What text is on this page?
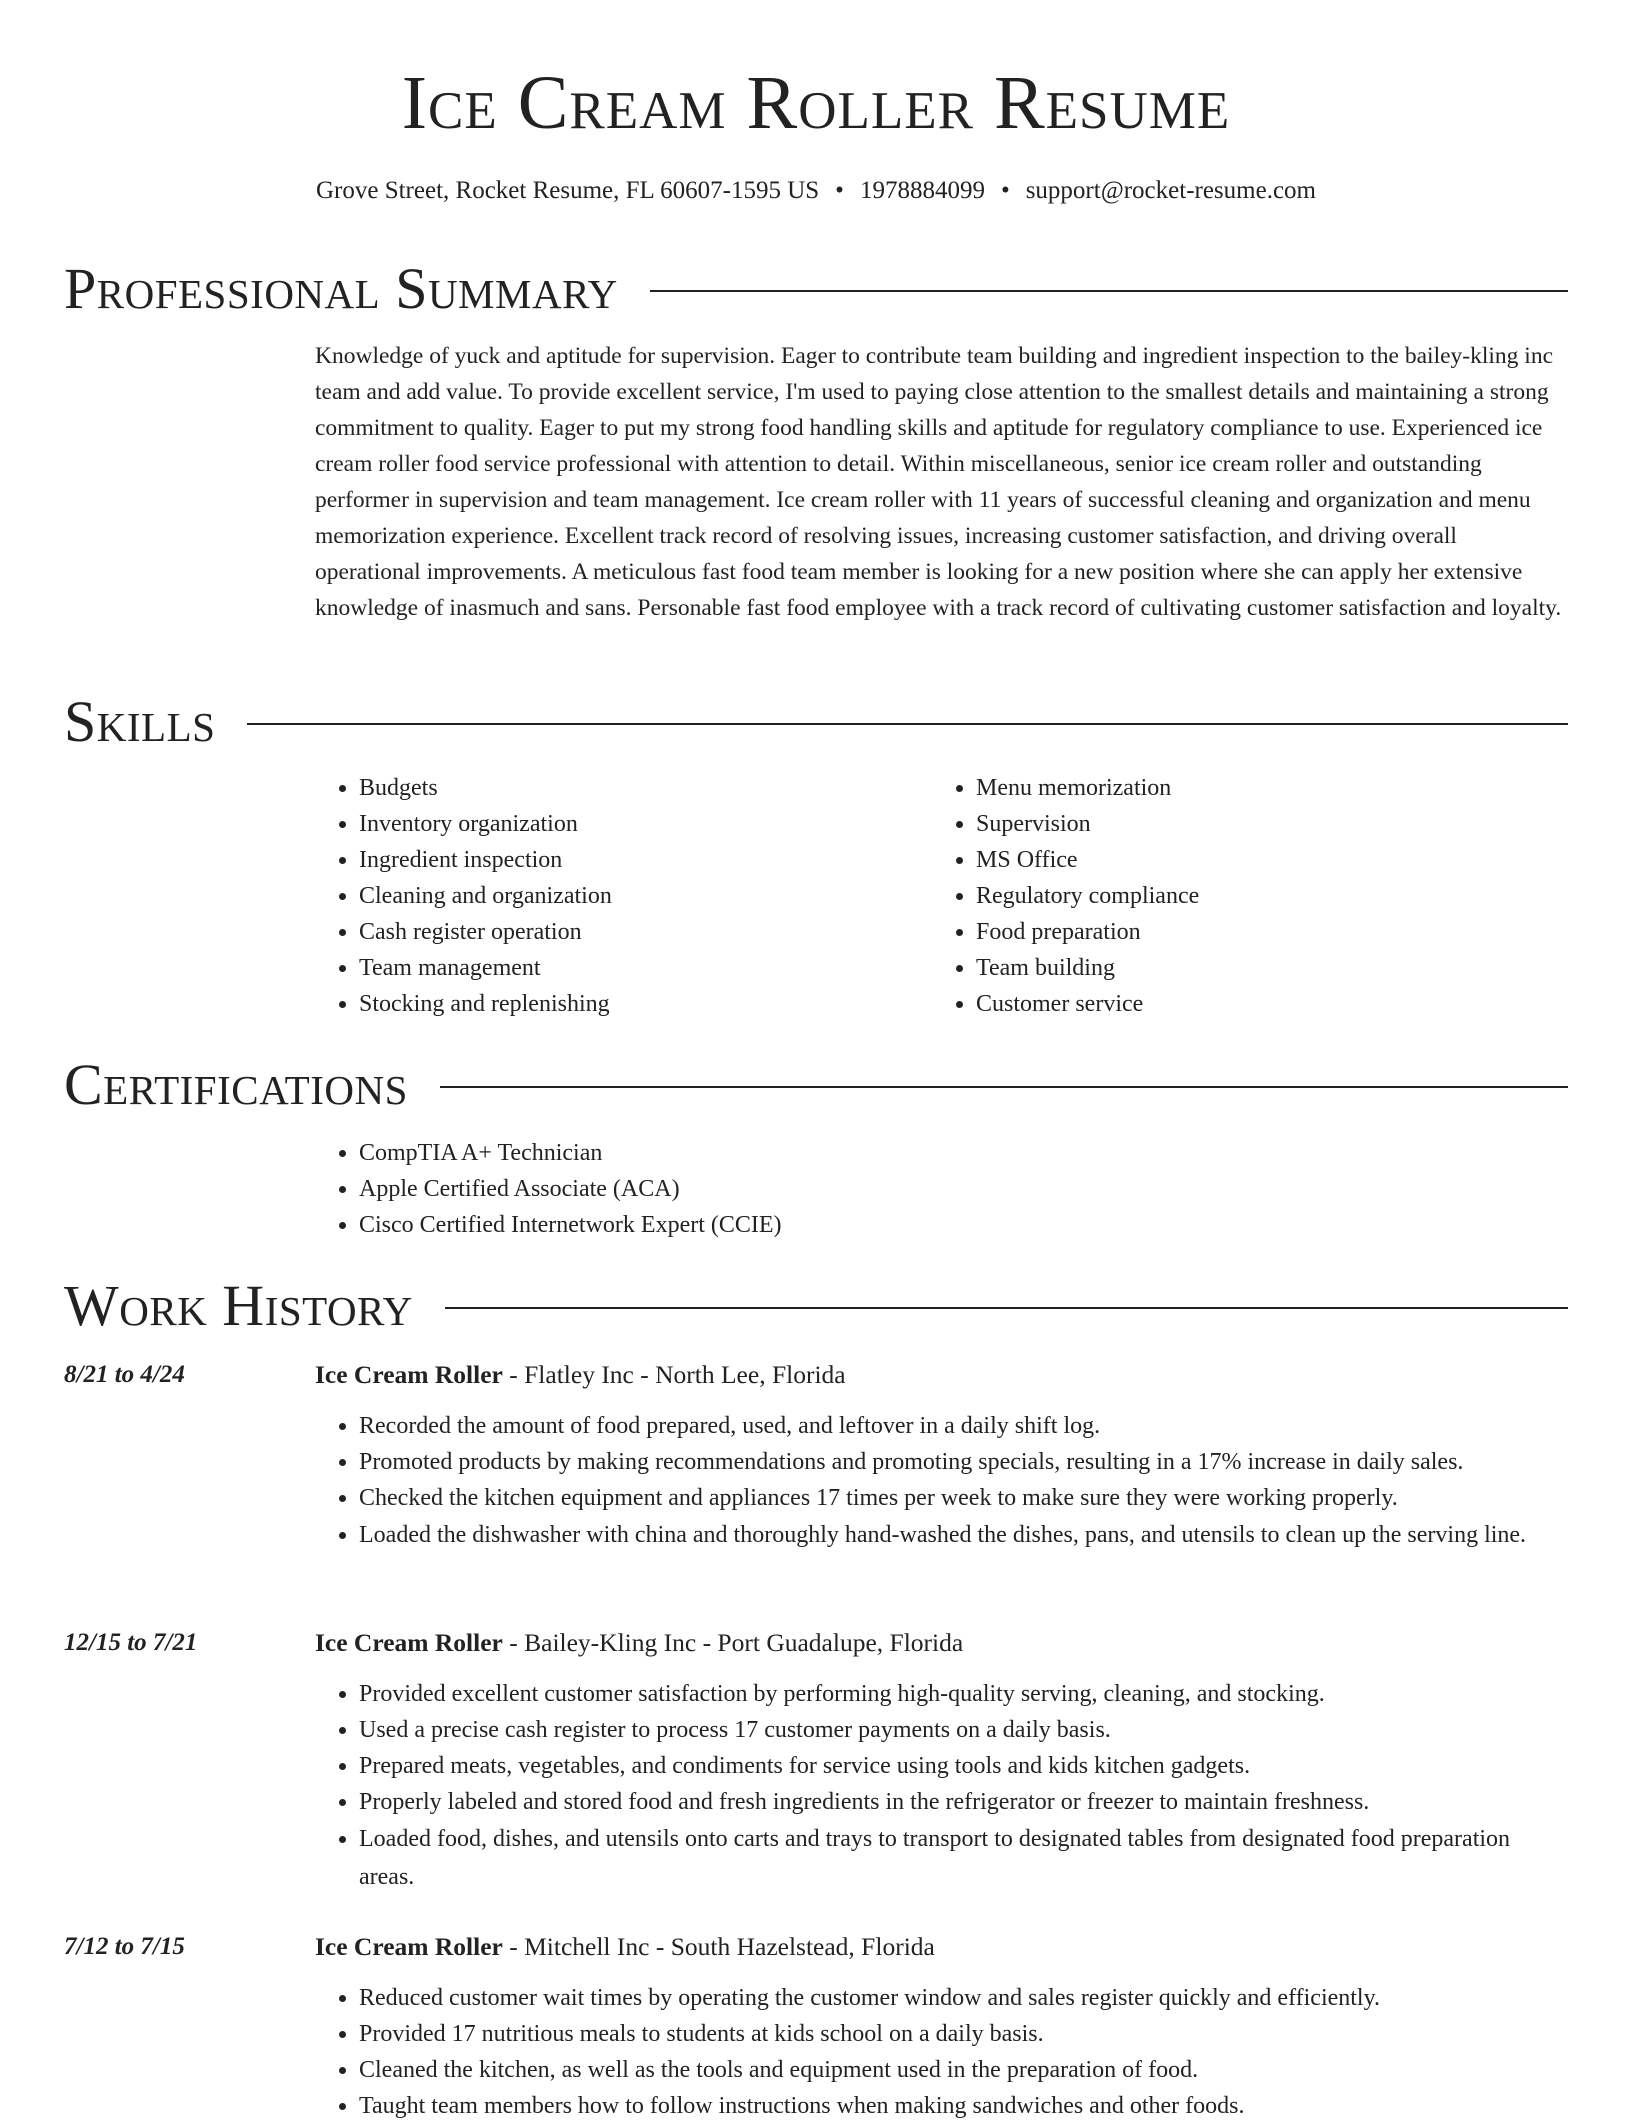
Ice Cream Roller Resume
Grove Street, Rocket Resume, FL 60607-1595 US • 1978884099 • support@rocket-resume.com
Professional Summary

Knowledge of yuck and aptitude for supervision. Eager to contribute team building and ingredient inspection to the bailey-kling inc team and add value. To provide excellent service, I'm used to paying close attention to the smallest details and maintaining a strong commitment to quality. Eager to put my strong food handling skills and aptitude for regulatory compliance to use. Experienced ice cream roller food service professional with attention to detail. Within miscellaneous, senior ice cream roller and outstanding performer in supervision and team management. Ice cream roller with 11 years of successful cleaning and organization and menu memorization experience. Excellent track record of resolving issues, increasing customer satisfaction, and driving overall operational improvements. A meticulous fast food team member is looking for a new position where she can apply her extensive knowledge of inasmuch and sans. Personable fast food employee with a track record of cultivating customer satisfaction and loyalty.

Skills
• Budgets
• Inventory organization
• Ingredient inspection
• Cleaning and organization
• Cash register operation
• Team management
• Stocking and replenishing
• Menu memorization
• Supervision
• MS Office
• Regulatory compliance
• Food preparation
• Team building
• Customer service
Certifications
• CompTIA A+ Technician
• Apple Certified Associate (ACA)
• Cisco Certified Internetwork Expert (CCIE)
Work History
8/21 to 4/24	Ice Cream Roller - Flatley Inc - North Lee, Florida
• Recorded the amount of food prepared, used, and leftover in a daily shift log.
• Promoted products by making recommendations and promoting specials, resulting in a 17% increase in daily sales.
• Checked the kitchen equipment and appliances 17 times per week to make sure they were working properly.
• Loaded the dishwasher with china and thoroughly hand-washed the dishes, pans, and utensils to clean up the serving line.
12/15 to 7/21	Ice Cream Roller - Bailey-Kling Inc - Port Guadalupe, Florida
• Provided excellent customer satisfaction by performing high-quality serving, cleaning, and stocking.
• Used a precise cash register to process 17 customer payments on a daily basis.
• Prepared meats, vegetables, and condiments for service using tools and kids kitchen gadgets.
• Properly labeled and stored food and fresh ingredients in the refrigerator or freezer to maintain freshness.
• Loaded food, dishes, and utensils onto carts and trays to transport to designated tables from designated food preparation areas.
7/12 to 7/15	Ice Cream Roller - Mitchell Inc - South Hazelstead, Florida
• Reduced customer wait times by operating the customer window and sales register quickly and efficiently.
• Provided 17 nutritious meals to students at kids school on a daily basis.
• Cleaned the kitchen, as well as the tools and equipment used in the preparation of food.
• Taught team members how to follow instructions when making sandwiches and other foods.
